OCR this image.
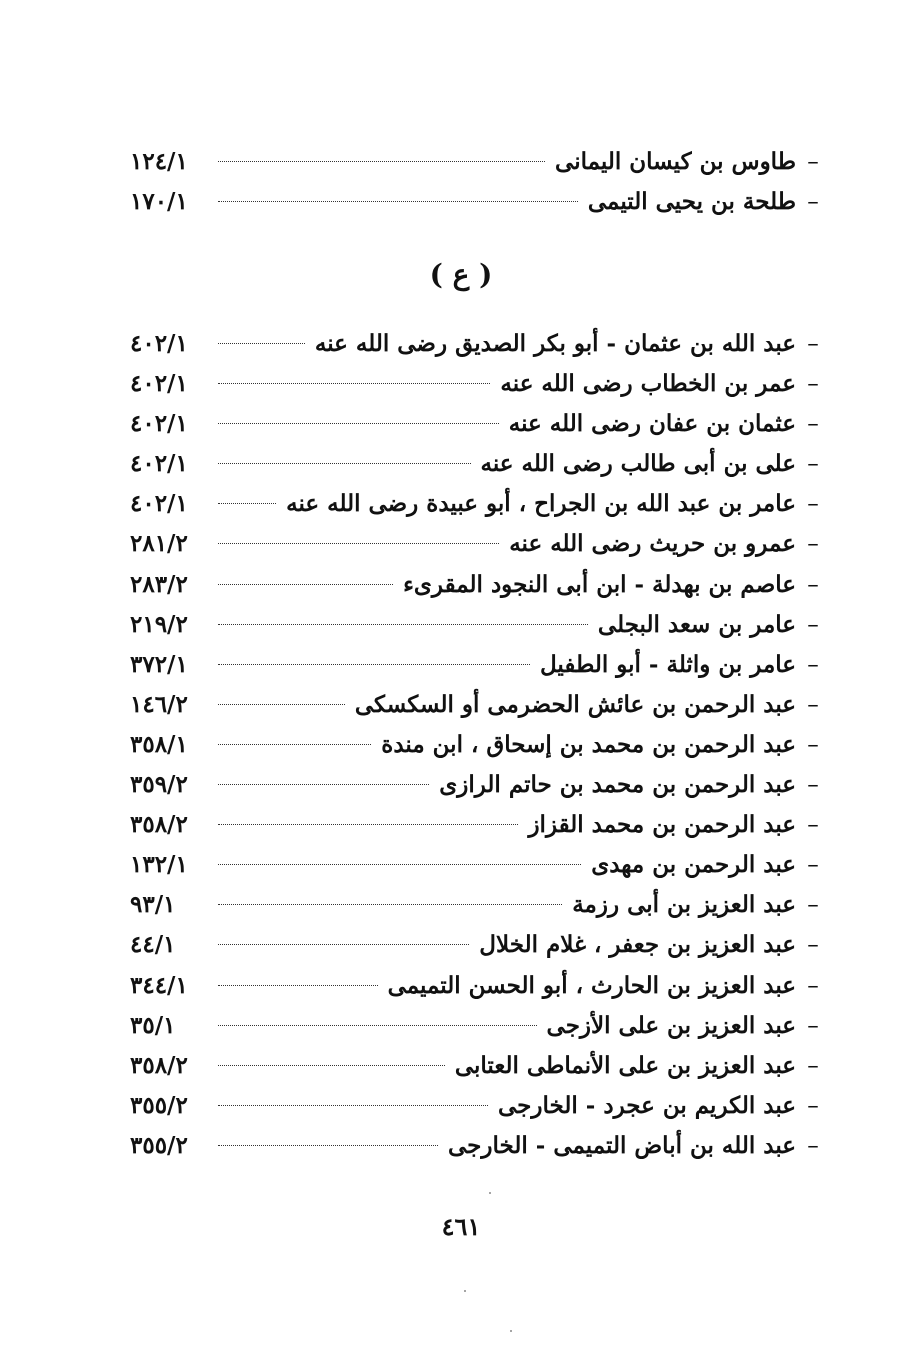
–
طاوس بن كيسان اليمانى
١٢٤/١
–
طلحة بن يحيى التيمى
١٧٠/١
( ع )
–
عبد الله بن عثمان - أبو بكر الصديق رضى الله عنه
٤٠٢/١
–
عمر بن الخطاب رضى الله عنه
٤٠٢/١
–
عثمان بن عفان رضى الله عنه
٤٠٢/١
–
على بن أبى طالب رضى الله عنه
٤٠٢/١
–
عامر بن عبد الله بن الجراح ، أبو عبيدة رضى الله عنه
٤٠٢/١
–
عمرو بن حريث رضى الله عنه
٢٨١/٢
–
عاصم بن بهدلة - ابن أبى النجود المقرىء
٢٨٣/٢
–
عامر بن سعد البجلى
٢١٩/٢
–
عامر بن واثلة - أبو الطفيل
٣٧٢/١
–
عبد الرحمن بن عائش الحضرمى أو السكسكى
١٤٦/٢
–
عبد الرحمن بن محمد بن إسحاق ، ابن مندة
٣٥٨/١
–
عبد الرحمن بن محمد بن حاتم الرازى
٣٥٩/٢
–
عبد الرحمن بن محمد القزاز
٣٥٨/٢
–
عبد الرحمن بن مهدى
١٣٢/١
–
عبد العزيز بن أبى رزمة
٩٣/١
–
عبد العزيز بن جعفر ، غلام الخلال
٤٤/١
–
عبد العزيز بن الحارث ، أبو الحسن التميمى
٣٤٤/١
–
عبد العزيز بن على الأزجى
٣٥/١
–
عبد العزيز بن على الأنماطى العتابى
٣٥٨/٢
–
عبد الكريم بن عجرد - الخارجى
٣٥٥/٢
–
عبد الله بن أباض التميمى - الخارجى
٣٥٥/٢
٤٦١
